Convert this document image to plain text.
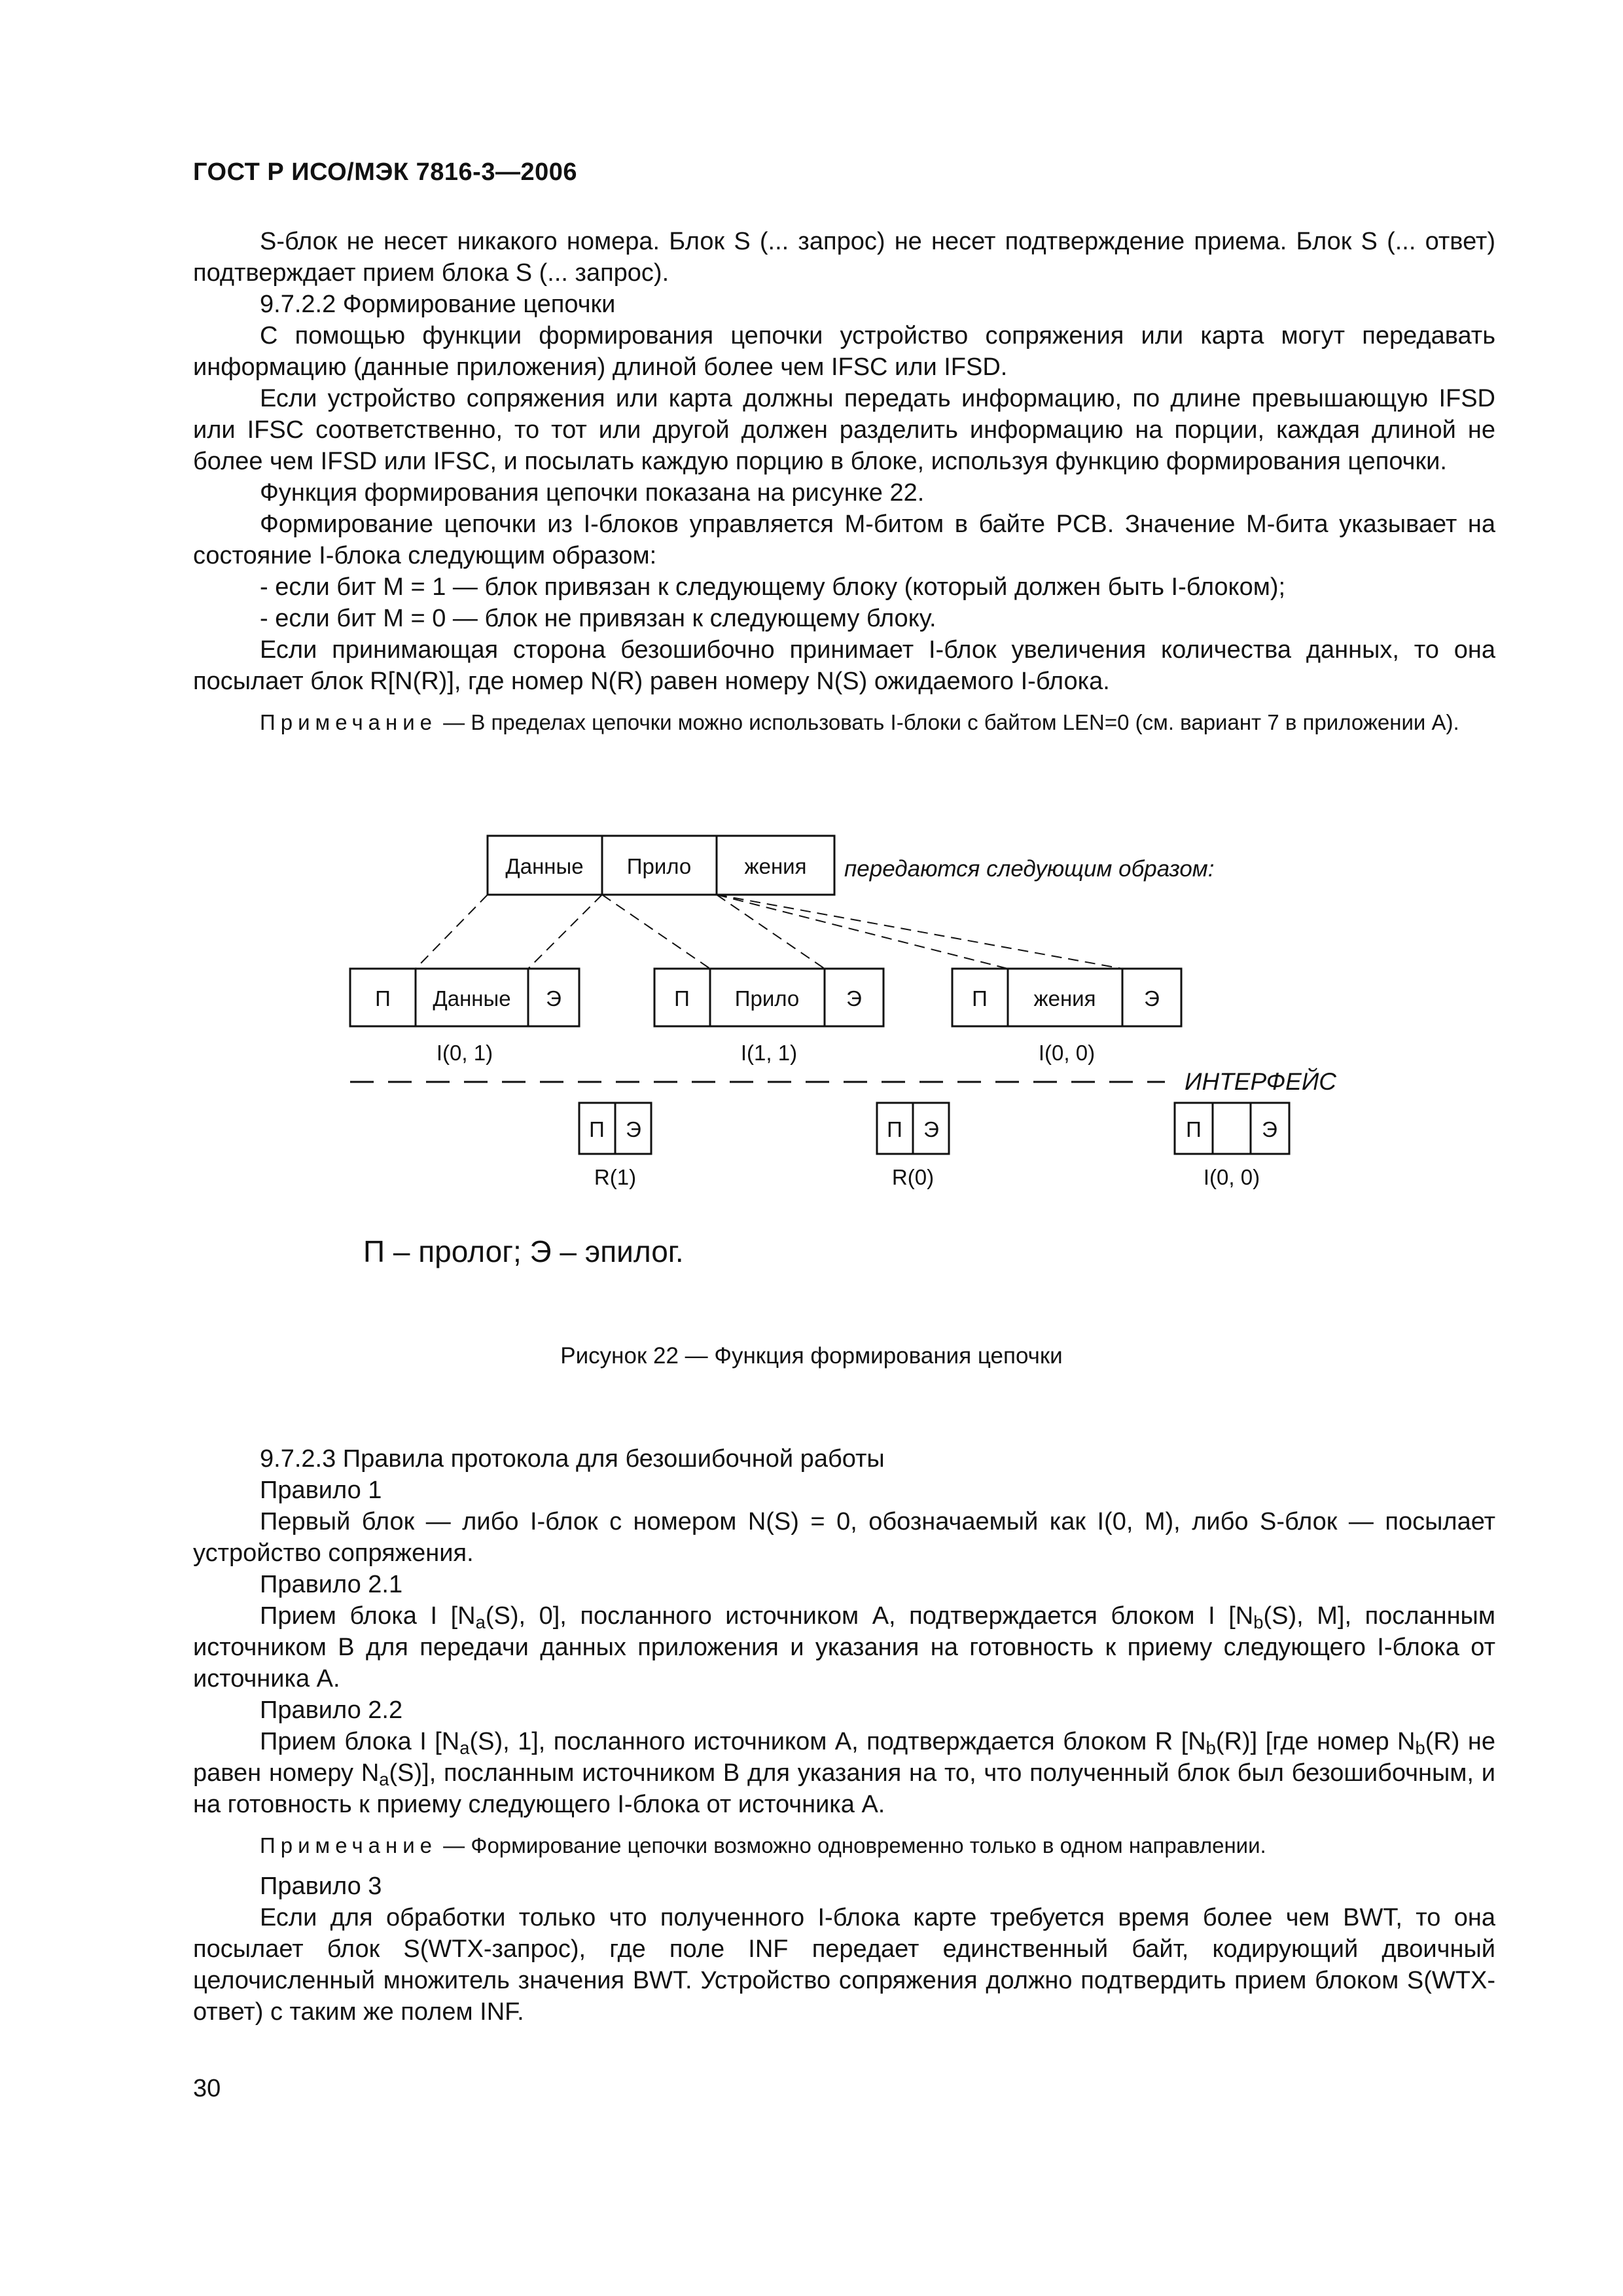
ГОСТ Р ИСО/МЭК 7816-3—2006

S-блок не несет никакого номера. Блок S (... запрос) не несет подтверждение приема. Блок S (... ответ) подтверждает прием блока S (... запрос).

9.7.2.2 Формирование цепочки

С помощью функции формирования цепочки устройство сопряжения или карта могут передавать информацию (данные приложения) длиной более чем IFSC или IFSD.

Если устройство сопряжения или карта должны передать информацию, по длине превышающую IFSD или IFSC соответственно, то тот или другой должен разделить информацию на порции, каждая длиной не более чем IFSD или IFSC, и посылать каждую порцию в блоке, используя функцию формирования цепочки.

Функция формирования цепочки показана на рисунке 22.

Формирование цепочки из I-блоков управляется M-битом в байте PCB. Значение M-бита указывает на состояние I-блока следующим образом:

- если бит M = 1 — блок привязан к следующему блоку (который должен быть I-блоком);

- если бит M = 0 — блок не привязан к следующему блоку.

Если принимающая сторона безошибочно принимает I-блок увеличения количества данных, то она посылает блок R[N(R)], где номер N(R) равен номеру N(S) ожидаемого I-блока.

Примечание — В пределах цепочки можно использовать I-блоки с байтом LEN=0 (см. вариант 7 в приложении A).

Данные Прило жения
П Данные Э	П Прило Э	П жения Э
I(0, 1)	I(1, 1)	I(0, 0)
П Э	П Э	П	Э
R(1)	R(0)	I(0, 0)
передаются следующим образом:
ИНТЕРФЕЙС
П – пролог; Э – эпилог.
Рисунок 22 — Функция формирования цепочки

9.7.2.3 Правила протокола для безошибочной работы

Правило 1

Первый блок — либо I-блок с номером N(S) = 0, обозначаемый как I(0, M), либо S-блок — посылает устройство сопряжения.

Правило 2.1

Прием блока I [$N_a(S)$, 0], посланного источником A, подтверждается блоком I [$N_b(S)$, M], посланным источником B для передачи данных приложения и указания на готовность к приему следующего I-блока от источника A.

Правило 2.2

Прием блока I [$N_a(S)$, 1], посланного источником A, подтверждается блоком R $[N_b(R)]$ [где номер $N_b(R)$ не равен номеру $N_a(S)$], посланным источником B для указания на то, что полученный блок был безошибочным, и на готовность к приему следующего I-блока от источника A.

Примечание — Формирование цепочки возможно одновременно только в одном направлении.

Правило 3

Если для обработки только что полученного I-блока карте требуется время более чем BWT, то она посылает блок S(WTX-запрос), где поле INF передает единственный байт, кодирующий двоичный целочисленный множитель значения BWT. Устройство сопряжения должно подтвердить прием блоком S(WTX-ответ) с таким же полем INF.

30
